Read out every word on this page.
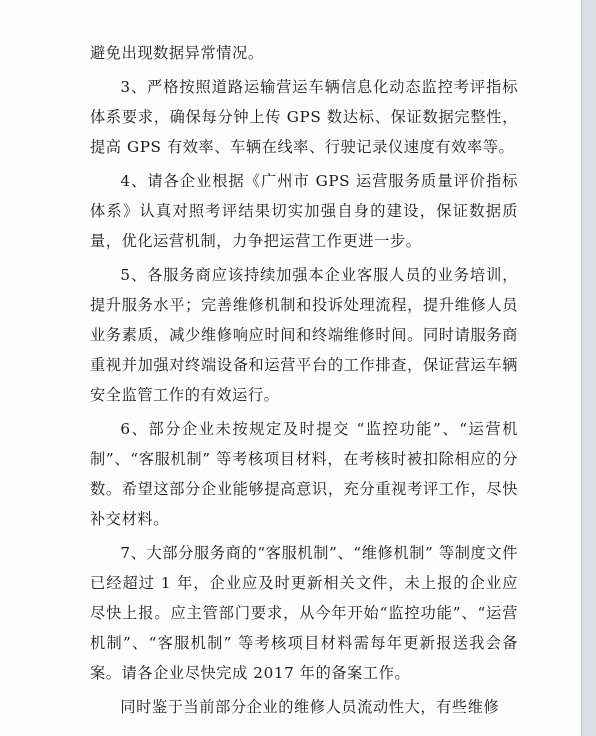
避免出现数据异常情况。

3、严格按照道路运输营运车辆信息化动态监控考评指标体系要求，确保每分钟上传 GPS 数达标、保证数据完整性，提高 GPS 有效率、车辆在线率、行驶记录仪速度有效率等。

4、请各企业根据《广州市 GPS 运营服务质量评价指标体系》认真对照考评结果切实加强自身的建设，保证数据质量，优化运营机制，力争把运营工作更进一步。

5、各服务商应该持续加强本企业客服人员的业务培训，提升服务水平；完善维修机制和投诉处理流程，提升维修人员业务素质，减少维修响应时间和终端维修时间。同时请服务商重视并加强对终端设备和运营平台的工作排查，保证营运车辆安全监管工作的有效运行。

6、部分企业未按规定及时提交 “监控功能”、“运营机制”、“客服机制” 等考核项目材料，在考核时被扣除相应的分数。希望这部分企业能够提高意识，充分重视考评工作，尽快补交材料。

7、大部分服务商的“客服机制”、“维修机制” 等制度文件已经超过 1 年，企业应及时更新相关文件，未上报的企业应尽快上报。应主管部门要求，从今年开始“监控功能”、“运营机制”、“客服机制” 等考核项目材料需每年更新报送我会备案。请各企业尽快完成 2017 年的备案工作。

同时鉴于当前部分企业的维修人员流动性大，有些维修
